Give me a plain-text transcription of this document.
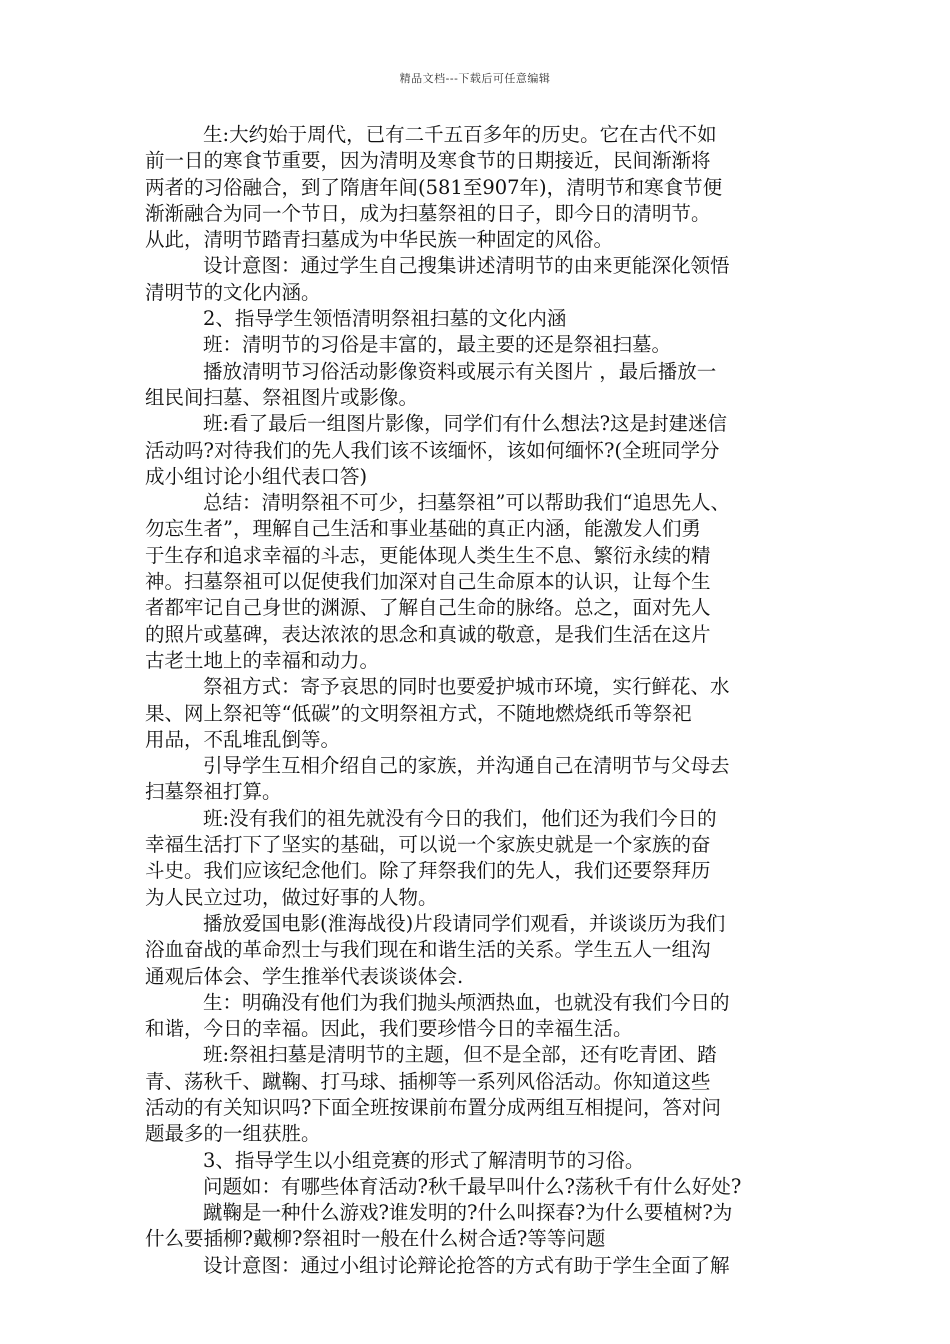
精品文档---下载后可任意编辑
生:大约始于周代，已有二千五百多年的历史。它在古代不如
前一日的寒食节重要，因为清明及寒食节的日期接近，民间渐渐将
两者的习俗融合，到了隋唐年间(581至907年)，清明节和寒食节便
渐渐融合为同一个节日，成为扫墓祭祖的日子，即今日的清明节。
从此，清明节踏青扫墓成为中华民族一种固定的风俗。
设计意图：通过学生自己搜集讲述清明节的由来更能深化领悟
清明节的文化内涵。
2、指导学生领悟清明祭祖扫墓的文化内涵
班：清明节的习俗是丰富的，最主要的还是祭祖扫墓。
播放清明节习俗活动影像资料或展示有关图片 ，最后播放一
组民间扫墓、祭祖图片或影像。
班:看了最后一组图片影像，同学们有什么想法?这是封建迷信
活动吗?对待我们的先人我们该不该缅怀，该如何缅怀?(全班同学分
成小组讨论小组代表口答)
总结：清明祭祖不可少，扫墓祭祖”可以帮助我们“追思先人、
勿忘生者”，理解自己生活和事业基础的真正内涵，能激发人们勇
于生存和追求幸福的斗志，更能体现人类生生不息、繁衍永续的精
神。扫墓祭祖可以促使我们加深对自己生命原本的认识，让每个生
者都牢记自己身世的渊源、了解自己生命的脉络。总之，面对先人
的照片或墓碑，表达浓浓的思念和真诚的敬意，是我们生活在这片
古老土地上的幸福和动力。
祭祖方式：寄予哀思的同时也要爱护城市环境，实行鲜花、水
果、网上祭祀等“低碳”的文明祭祖方式，不随地燃烧纸币等祭祀
用品，不乱堆乱倒等。
引导学生互相介绍自己的家族，并沟通自己在清明节与父母去
扫墓祭祖打算。
班:没有我们的祖先就没有今日的我们，他们还为我们今日的
幸福生活打下了坚实的基础，可以说一个家族史就是一个家族的奋
斗史。我们应该纪念他们。除了拜祭我们的先人，我们还要祭拜历
为人民立过功，做过好事的人物。
播放爱国电影(淮海战役)片段请同学们观看，并谈谈历为我们
浴血奋战的革命烈士与我们现在和谐生活的关系。学生五人一组沟
通观后体会、学生推举代表谈谈体会.
生：明确没有他们为我们抛头颅洒热血，也就没有我们今日的
和谐，今日的幸福。因此，我们要珍惜今日的幸福生活。
班:祭祖扫墓是清明节的主题，但不是全部，还有吃青团、踏
青、荡秋千、蹴鞠、打马球、插柳等一系列风俗活动。你知道这些
活动的有关知识吗?下面全班按课前布置分成两组互相提问，答对问
题最多的一组获胜。
3、指导学生以小组竞赛的形式了解清明节的习俗。
问题如：有哪些体育活动?秋千最早叫什么?荡秋千有什么好处?
蹴鞠是一种什么游戏?谁发明的?什么叫探春?为什么要植树?为
什么要插柳?戴柳?祭祖时一般在什么树合适?等等问题
设计意图：通过小组讨论辩论抢答的方式有助于学生全面了解
